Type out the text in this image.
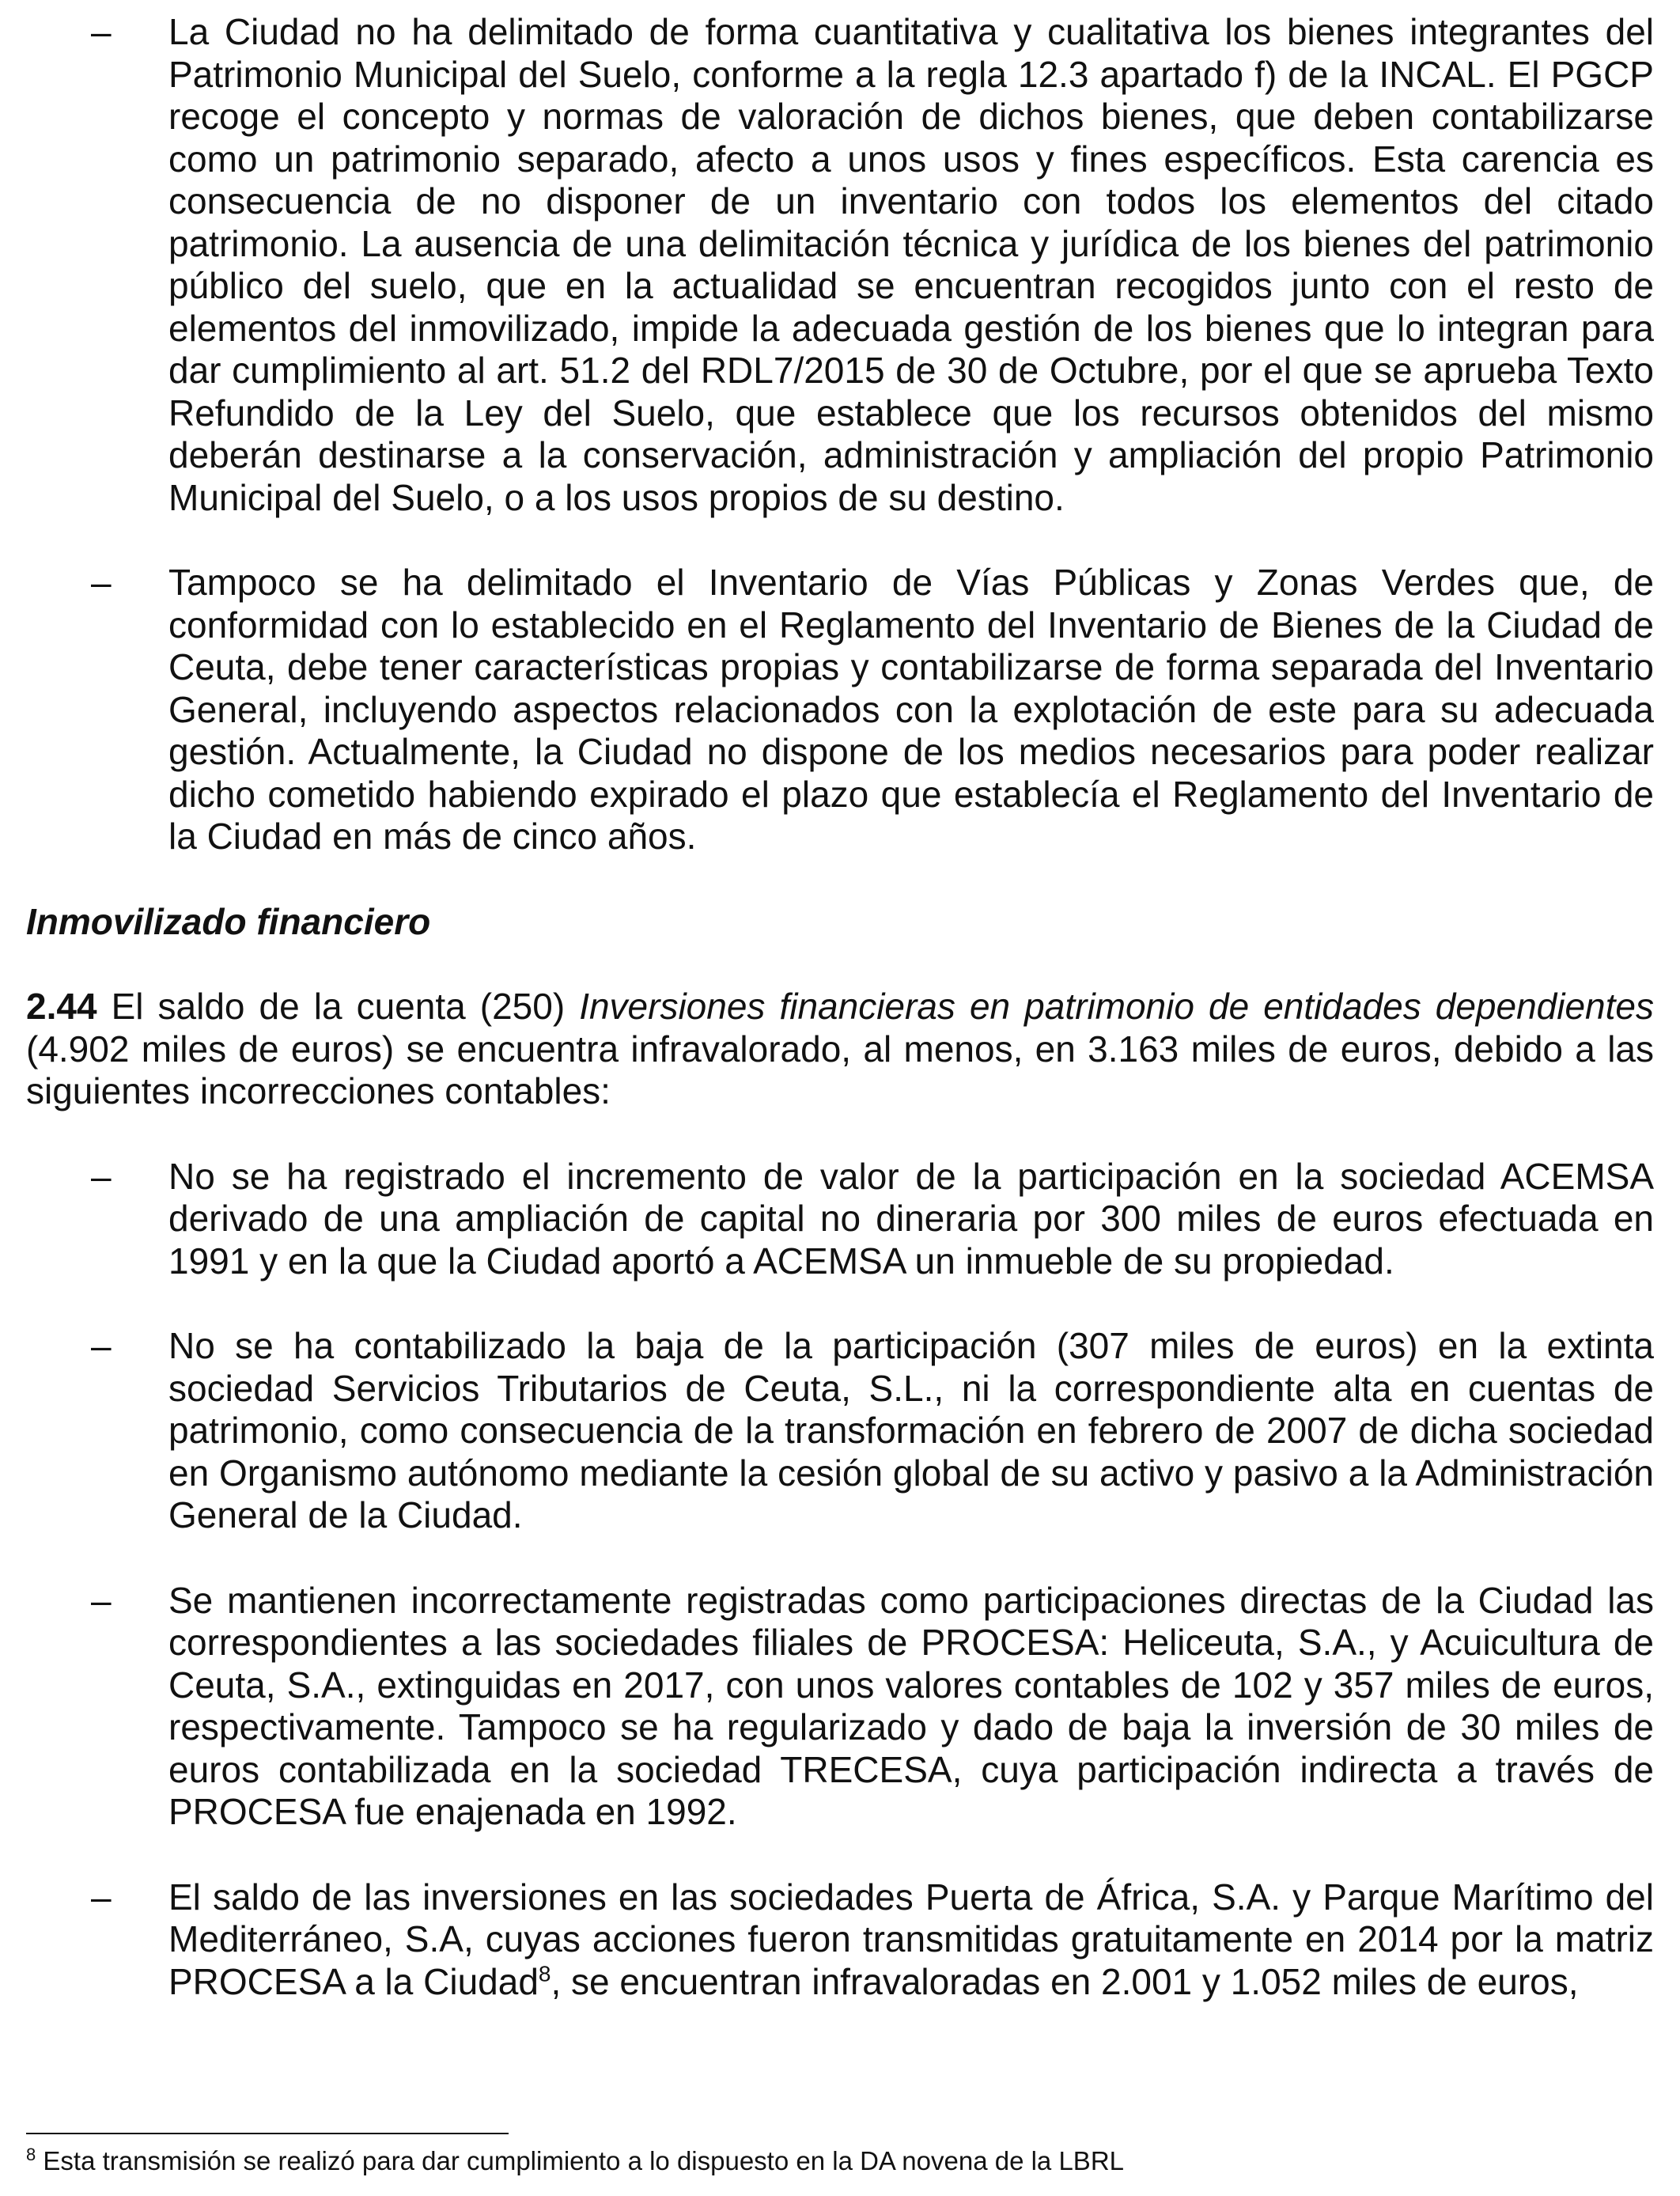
– La Ciudad no ha delimitado de forma cuantitativa y cualitativa los bienes integrantes del Patrimonio Municipal del Suelo, conforme a la regla 12.3 apartado f) de la INCAL. El PGCP recoge el concepto y normas de valoración de dichos bienes, que deben contabilizarse como un patrimonio separado, afecto a unos usos y fines específicos. Esta carencia es consecuencia de no disponer de un inventario con todos los elementos del citado patrimonio. La ausencia de una delimitación técnica y jurídica de los bienes del patrimonio público del suelo, que en la actualidad se encuentran recogidos junto con el resto de elementos del inmovilizado, impide la adecuada gestión de los bienes que lo integran para dar cumplimiento al art. 51.2 del RDL7/2015 de 30 de Octubre, por el que se aprueba Texto Refundido de la Ley del Suelo, que establece que los recursos obtenidos del mismo deberán destinarse a la conservación, administración y ampliación del propio Patrimonio Municipal del Suelo, o a los usos propios de su destino.
– Tampoco se ha delimitado el Inventario de Vías Públicas y Zonas Verdes que, de conformidad con lo establecido en el Reglamento del Inventario de Bienes de la Ciudad de Ceuta, debe tener características propias y contabilizarse de forma separada del Inventario General, incluyendo aspectos relacionados con la explotación de este para su adecuada gestión. Actualmente, la Ciudad no dispone de los medios necesarios para poder realizar dicho cometido habiendo expirado el plazo que establecía el Reglamento del Inventario de la Ciudad en más de cinco años.

Inmovilizado financiero

2.44 El saldo de la cuenta (250) Inversiones financieras en patrimonio de entidades dependientes (4.902 miles de euros) se encuentra infravalorado, al menos, en 3.163 miles de euros, debido a las siguientes incorrecciones contables:

– No se ha registrado el incremento de valor de la participación en la sociedad ACEMSA derivado de una ampliación de capital no dineraria por 300 miles de euros efectuada en 1991 y en la que la Ciudad aportó a ACEMSA un inmueble de su propiedad.
– No se ha contabilizado la baja de la participación (307 miles de euros) en la extinta sociedad Servicios Tributarios de Ceuta, S.L., ni la correspondiente alta en cuentas de patrimonio, como consecuencia de la transformación en febrero de 2007 de dicha sociedad en Organismo autónomo mediante la cesión global de su activo y pasivo a la Administración General de la Ciudad.
– Se mantienen incorrectamente registradas como participaciones directas de la Ciudad las correspondientes a las sociedades filiales de PROCESA: Heliceuta, S.A., y Acuicultura de Ceuta, S.A., extinguidas en 2017, con unos valores contables de 102 y 357 miles de euros, respectivamente. Tampoco se ha regularizado y dado de baja la inversión de 30 miles de euros contabilizada en la sociedad TRECESA, cuya participación indirecta a través de PROCESA fue enajenada en 1992.
– El saldo de las inversiones en las sociedades Puerta de África, S.A. y Parque Marítimo del Mediterráneo, S.A, cuyas acciones fueron transmitidas gratuitamente en 2014 por la matriz PROCESA a la Ciudad$^8$, se encuentran infravaloradas en 2.001 y 1.052 miles de euros,
$^8$ Esta transmisión se realizó para dar cumplimiento a lo dispuesto en la DA novena de la LBRL
